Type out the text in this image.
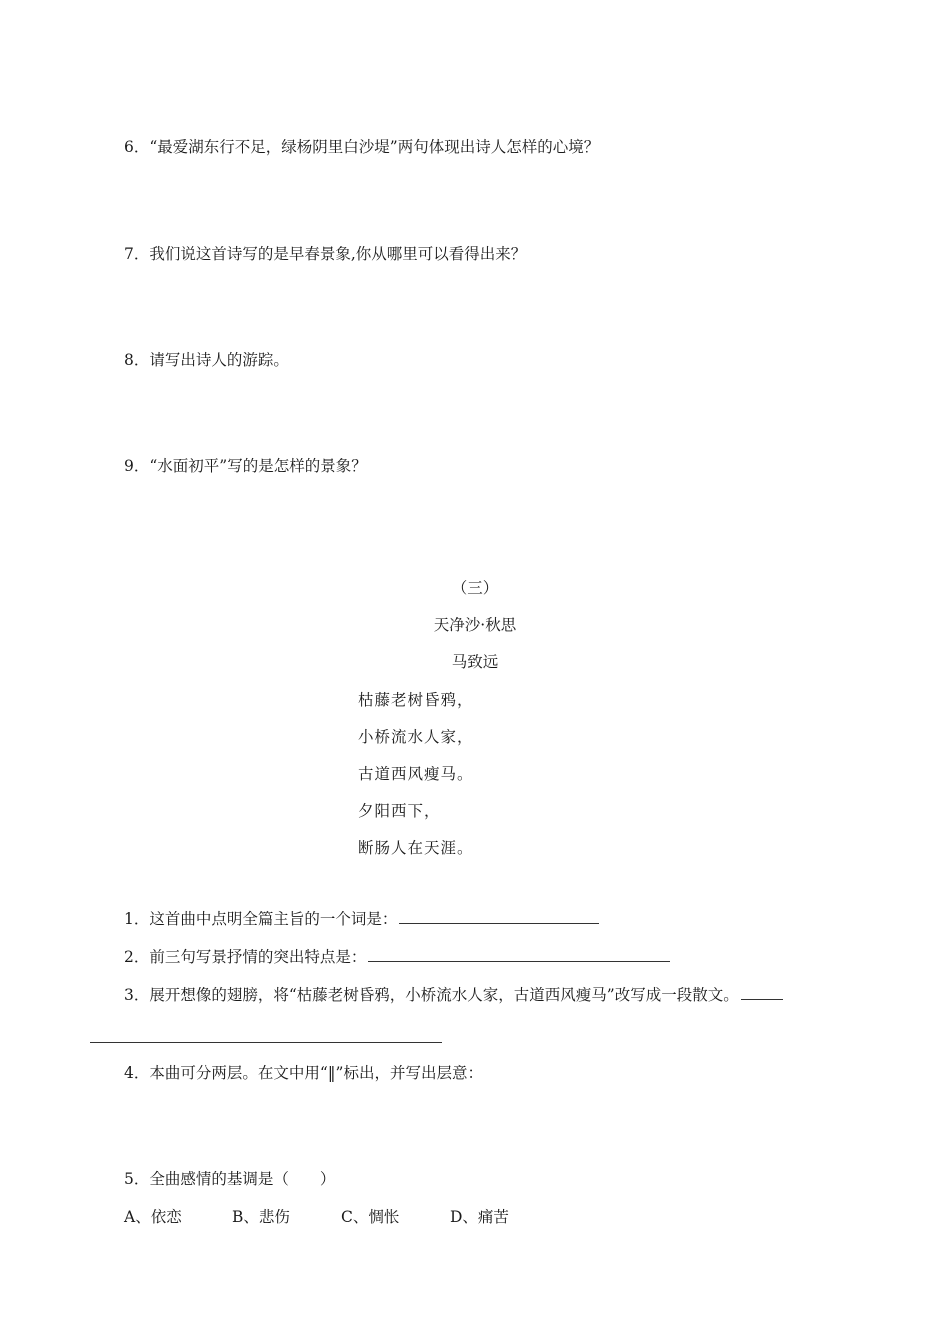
6．“最爱湖东行不足，绿杨阴里白沙堤”两句体现出诗人怎样的心境？
7．我们说这首诗写的是早春景象,你从哪里可以看得出来？
8．请写出诗人的游踪。
9．“水面初平”写的是怎样的景象？
（三）
天净沙·秋思
马致远
枯藤老树昏鸦，
小桥流水人家，
古道西风瘦马。
夕阳西下，
断肠人在天涯。
1．这首曲中点明全篇主旨的一个词是：
2．前三句写景抒情的突出特点是：
3．展开想像的翅膀，将“枯藤老树昏鸦，小桥流水人家，古道西风瘦马”改写成一段散文。
4．本曲可分两层。在文中用“‖”标出，并写出层意：
5．全曲感情的基调是（　　）
A、依恋	B、悲伤	C、惆怅	D、痛苦
